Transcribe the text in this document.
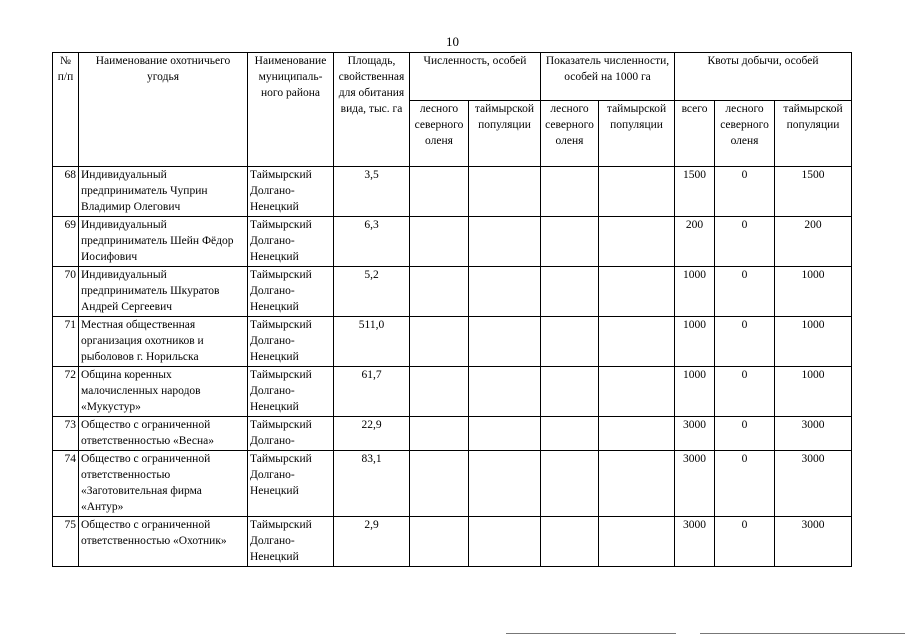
10
№ п/п	Наименование охотничьего угодья	Наименование муниципаль-ного района	Площадь, свойственная для обитания вида, тыс. га	Численность, особей		Показатель численности, особей на 1000 га		Квоты добычи, особей		
				лесного северного оленя	таймырской популяции	лесного северного оленя	таймырской популяции	всего	лесного северного оленя	таймырской популяции
68	Индивидуальный предприниматель Чуприн Владимир Олегович	Таймырский Долгано-Ненецкий	3,5					1500	0	1500
69	Индивидуальный предприниматель Шейн Фёдор Иосифович	Таймырский Долгано-Ненецкий	6,3					200	0	200
70	Индивидуальный предприниматель Шкуратов Андрей Сергеевич	Таймырский Долгано-Ненецкий	5,2					1000	0	1000
71	Местная общественная организация охотников и рыболовов г. Норильска	Таймырский Долгано-Ненецкий	511,0					1000	0	1000
72	Община коренных малочисленных народов «Мукустур»	Таймырский Долгано-Ненецкий	61,7					1000	0	1000
73	Общество с ограниченной ответственностью «Весна»	Таймырский Долгано-	22,9					3000	0	3000
74	Общество с ограниченной ответственностью «Заготовительная фирма «Антур»	Таймырский Долгано-Ненецкий	83,1					3000	0	3000
75	Общество с ограниченной ответственностью «Охотник»	Таймырский Долгано-Ненецкий	2,9					3000	0	3000
